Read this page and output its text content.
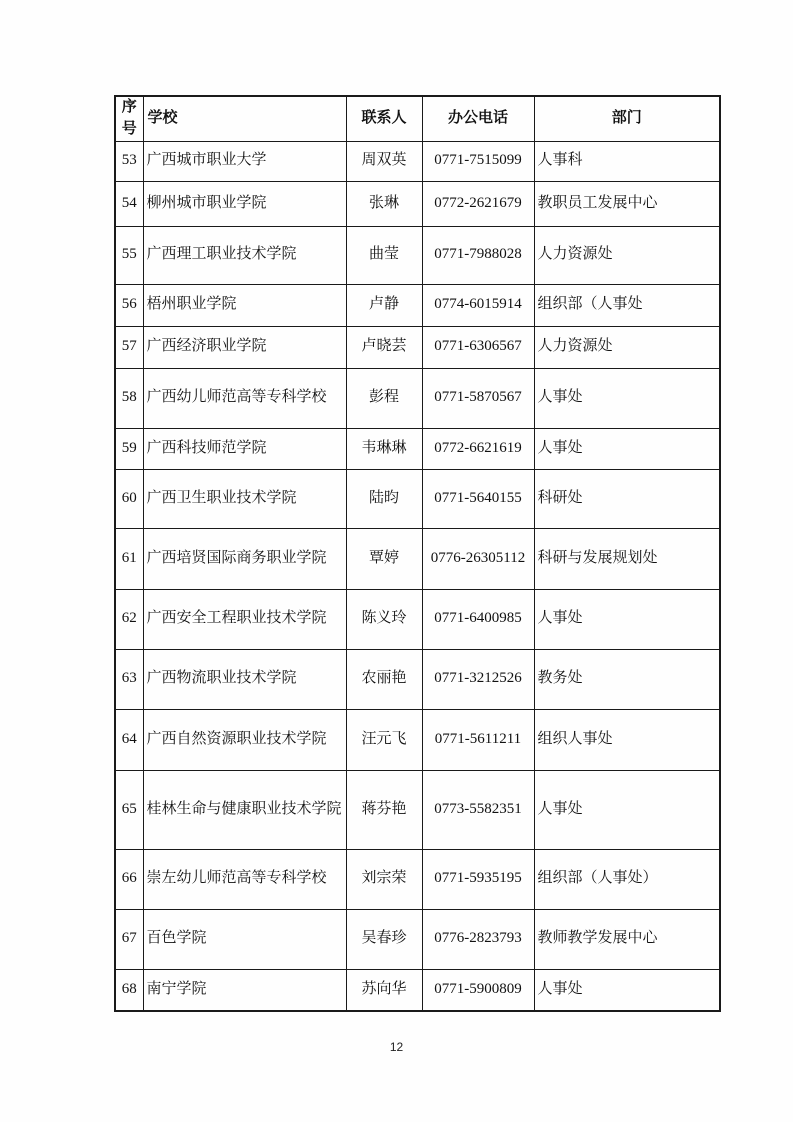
序号	学校	联系人	办公电话	部门
53	广西城市职业大学	周双英	0771-7515099	人事科
54	柳州城市职业学院	张琳	0772-2621679	教职员工发展中心
55	广西理工职业技术学院	曲莹	0771-7988028	人力资源处
56	梧州职业学院	卢静	0774-6015914	组织部（人事处
57	广西经济职业学院	卢晓芸	0771-6306567	人力资源处
58	广西幼儿师范高等专科学校	彭程	0771-5870567	人事处
59	广西科技师范学院	韦琳琳	0772-6621619	人事处
60	广西卫生职业技术学院	陆昀	0771-5640155	科研处
61	广西培贤国际商务职业学院	覃婷	0776-26305112	科研与发展规划处
62	广西安全工程职业技术学院	陈义玲	0771-6400985	人事处
63	广西物流职业技术学院	农丽艳	0771-3212526	教务处
64	广西自然资源职业技术学院	汪元飞	0771-5611211	组织人事处
65	桂林生命与健康职业技术学院	蒋芬艳	0773-5582351	人事处
66	崇左幼儿师范高等专科学校	刘宗荣	0771-5935195	组织部（人事处）
67	百色学院	吴春珍	0776-2823793	教师教学发展中心
68	南宁学院	苏向华	0771-5900809	人事处
12
